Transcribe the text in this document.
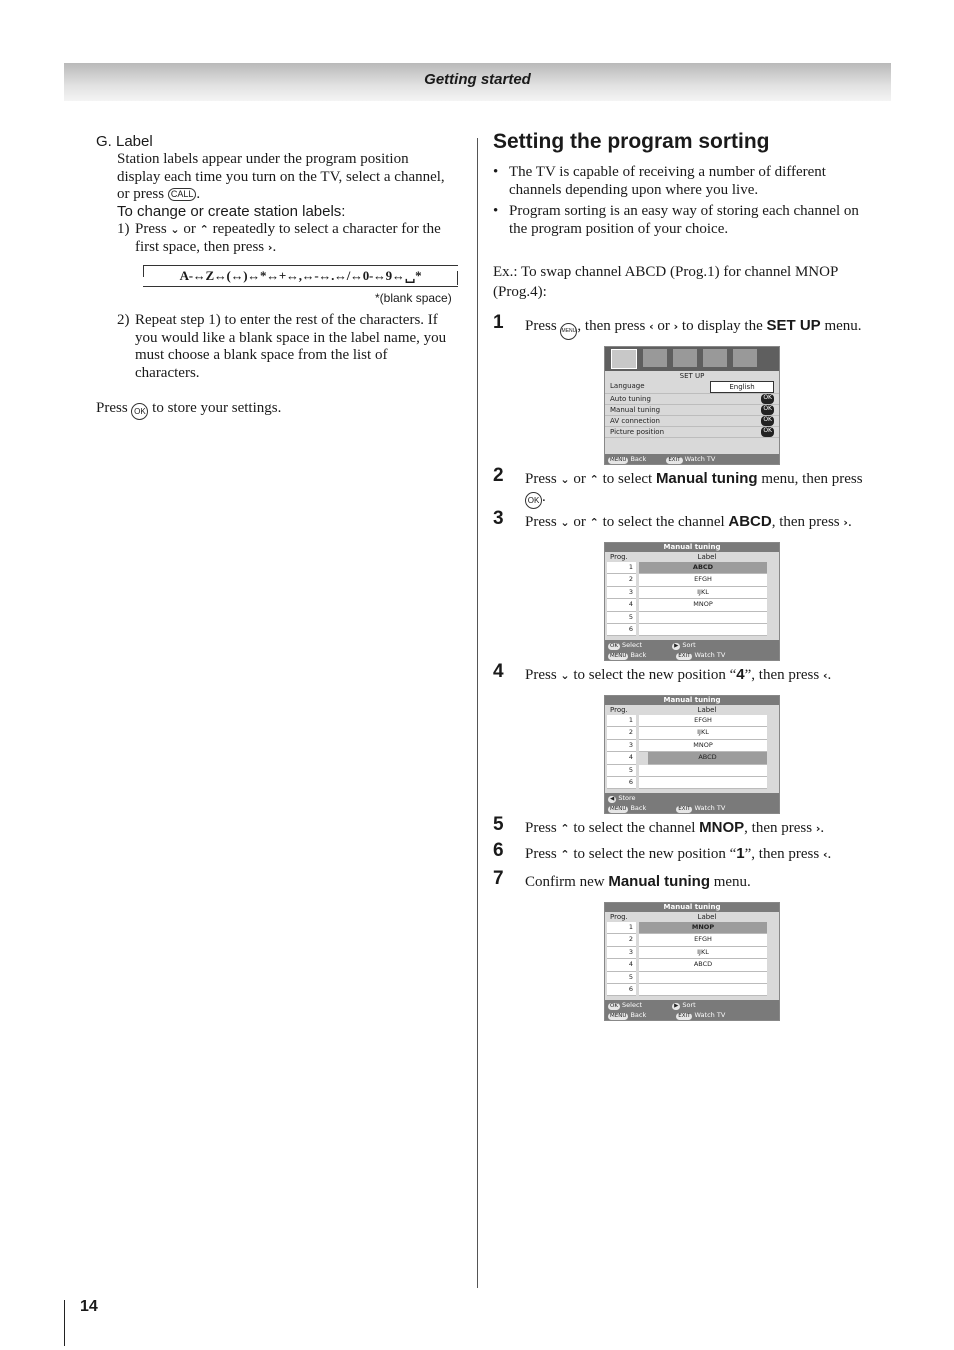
Getting started
G. Label
Station labels appear under the program position
display each time you turn on the TV, select a channel,
or press CALL .
To change or create station labels:
1) Press ⌄ or ⌃ repeatedly to select a character for the
first space, then press ›.
A-↔Z↔(↔)↔*↔+↔,↔-↔.↔/↔0-↔9↔␣*
*(blank space)
2) Repeat step 1) to enter the rest of the characters. If
you would like a blank space in the label name, you
must choose a blank space from the list of
characters.
Press OK to store your settings.
Setting the program sorting
• The TV is capable of receiving a number of different
channels depending upon where you live.
• Program sorting is an easy way of storing each channel on
the program position of your choice.
Ex.: To swap channel ABCD (Prog.1) for channel MNOP
(Prog.4):
1 Press MENU, then press ‹ or › to display the SET UP menu.
SET UP
Language	English
Auto tuning	OK
Manual tuning	OK
AV connection	OK
Picture position	OK
MENU Back	EXIT Watch TV
2 Press ⌄ or ⌃ to select Manual tuning menu, then press
OK .
3 Press ⌄ or ⌃ to select the channel ABCD, then press ›.
Manual tuning
Prog.	Label
1	ABCD
2	EFGH
3	IJKL
4	MNOP
5
6
OK Select	▶ Sort
MENU Back	EXIT Watch TV
4 Press ⌄ to select the new position “4”, then press ‹.
Manual tuning
Prog.	Label
1	EFGH
2	IJKL
3	MNOP
4	ABCD
5
6
◀ Store
MENU Back	EXIT Watch TV
5 Press ⌃ to select the channel MNOP, then press ›.
6 Press ⌃ to select the new position “1”, then press ‹.
7 Confirm new Manual tuning menu.
Manual tuning
Prog.	Label
1	MNOP
2	EFGH
3	IJKL
4	ABCD
5
6
OK Select	▶ Sort
MENU Back	EXIT Watch TV
14
